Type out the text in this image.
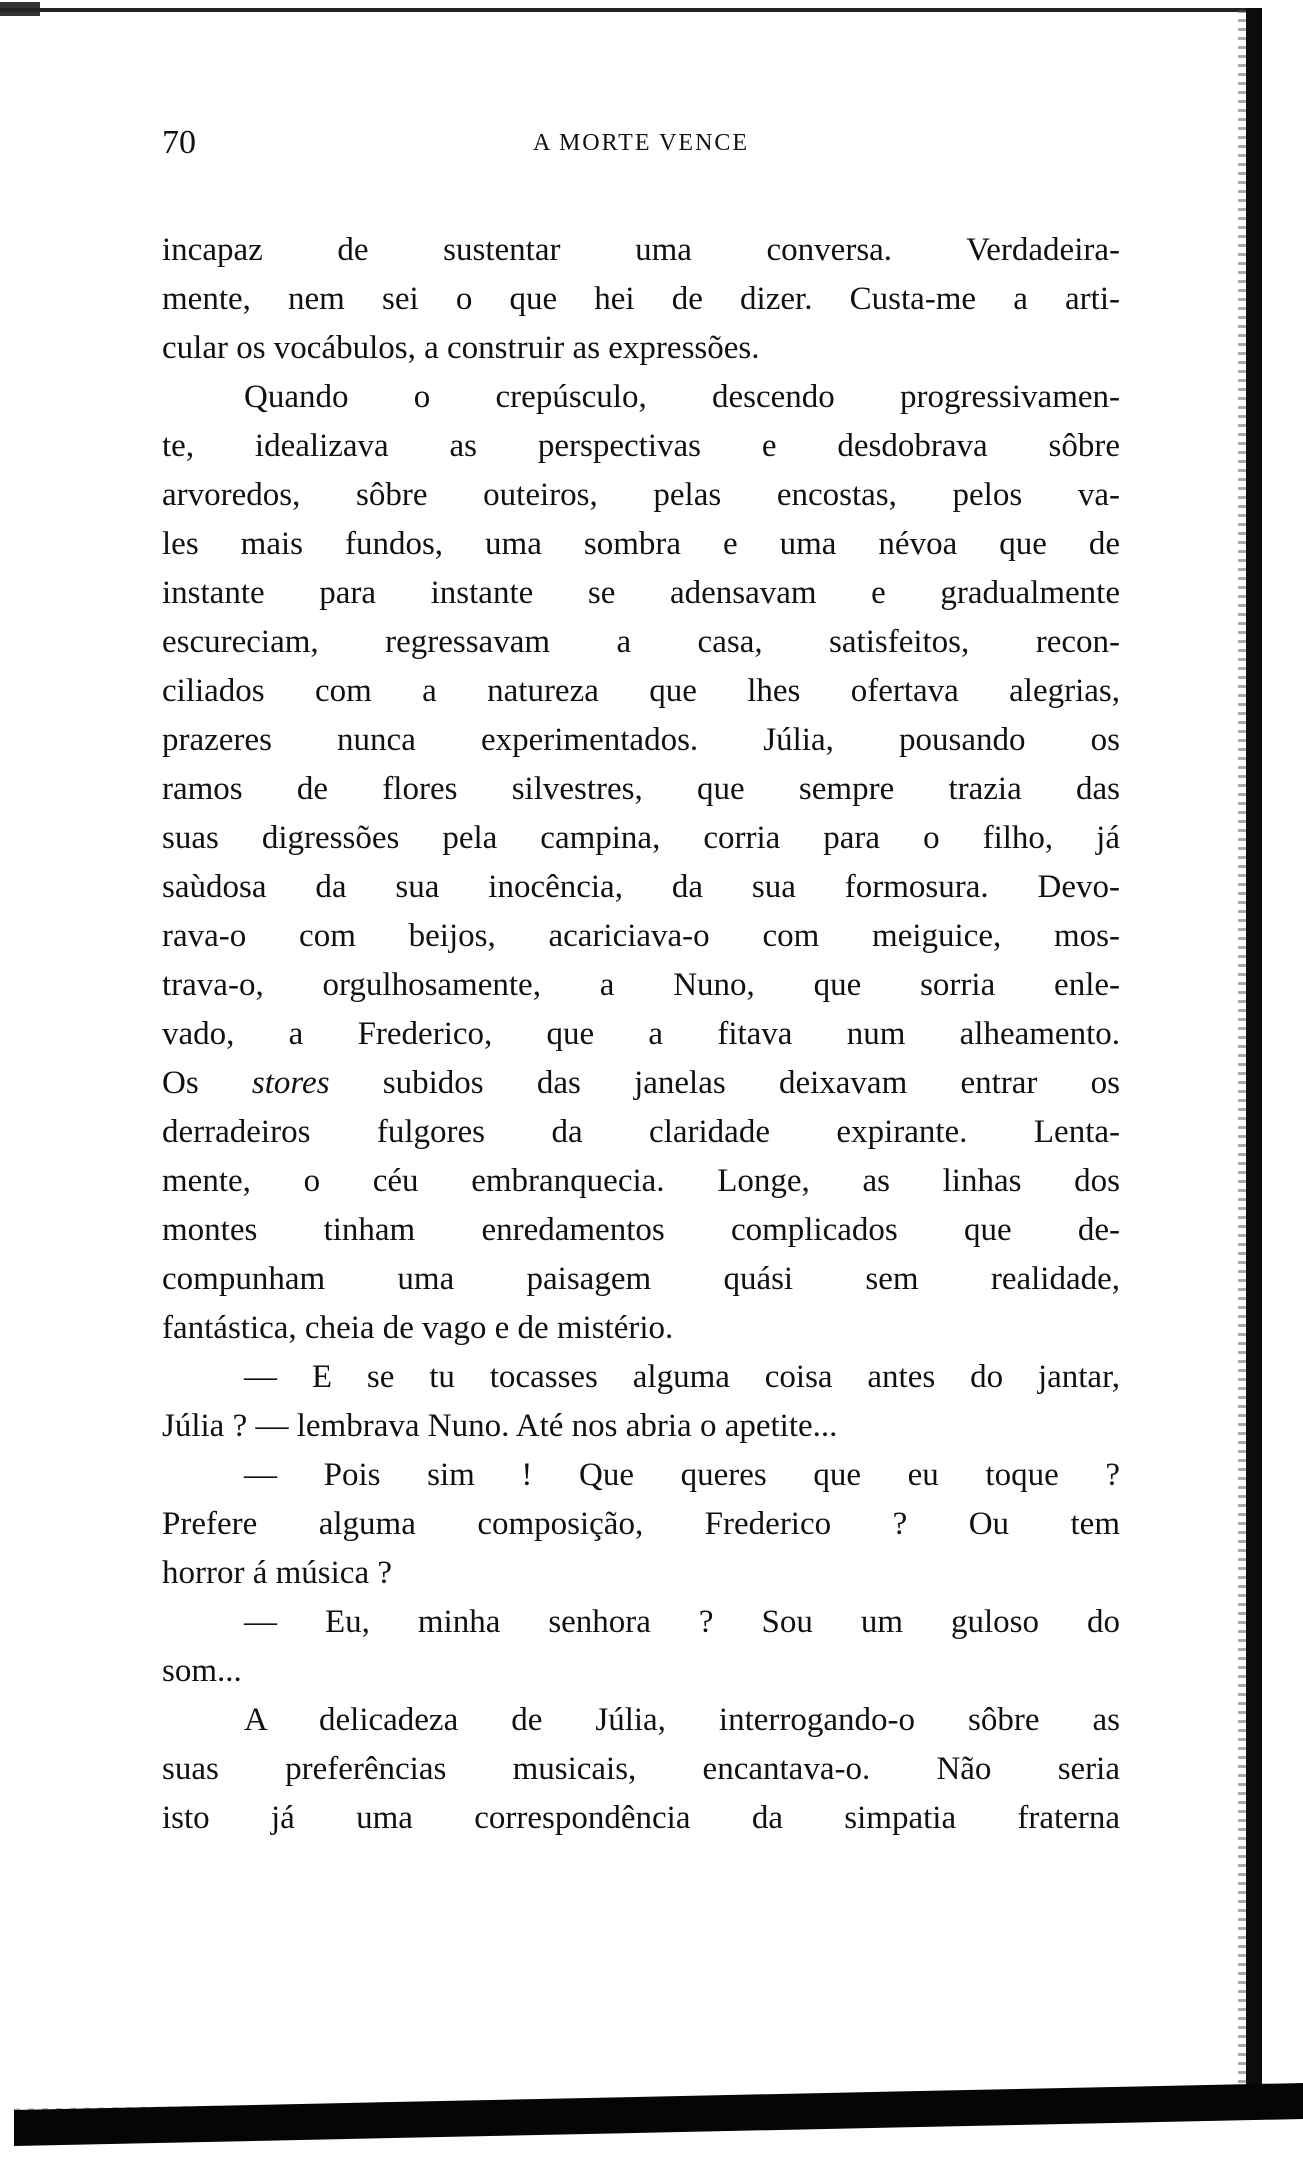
70	A MORTE VENCE
incapaz de sustentar uma conversa. Verdadeira-
mente, nem sei o que hei de dizer. Custa-me a arti-
cular os vocábulos, a construir as expressões.
Quando o crepúsculo, descendo progressivamen-
te, idealizava as perspectivas e desdobrava sôbre
arvoredos, sôbre outeiros, pelas encostas, pelos va-
les mais fundos, uma sombra e uma névoa que de
instante para instante se adensavam e gradualmente
escureciam, regressavam a casa, satisfeitos, recon-
ciliados com a natureza que lhes ofertava alegrias,
prazeres nunca experimentados. Júlia, pousando os
ramos de flores silvestres, que sempre trazia das
suas digressões pela campina, corria para o filho, já
saùdosa da sua inocência, da sua formosura. Devo-
rava-o com beijos, acariciava-o com meiguice, mos-
trava-o, orgulhosamente, a Nuno, que sorria enle-
vado, a Frederico, que a fitava num alheamento.
Os stores subidos das janelas deixavam entrar os
derradeiros fulgores da claridade expirante. Lenta-
mente, o céu embranquecia. Longe, as linhas dos
montes tinham enredamentos complicados que de-
compunham uma paisagem quási sem realidade,
fantástica, cheia de vago e de mistério.
— E se tu tocasses alguma coisa antes do jantar,
Júlia ? — lembrava Nuno. Até nos abria o apetite...
— Pois sim ! Que queres que eu toque ?
Prefere alguma composição, Frederico ? Ou tem
horror á música ?
— Eu, minha senhora ? Sou um guloso do
som...
A delicadeza de Júlia, interrogando-o sôbre as
suas preferências musicais, encantava-o. Não seria
isto já uma correspondência da simpatia fraterna
